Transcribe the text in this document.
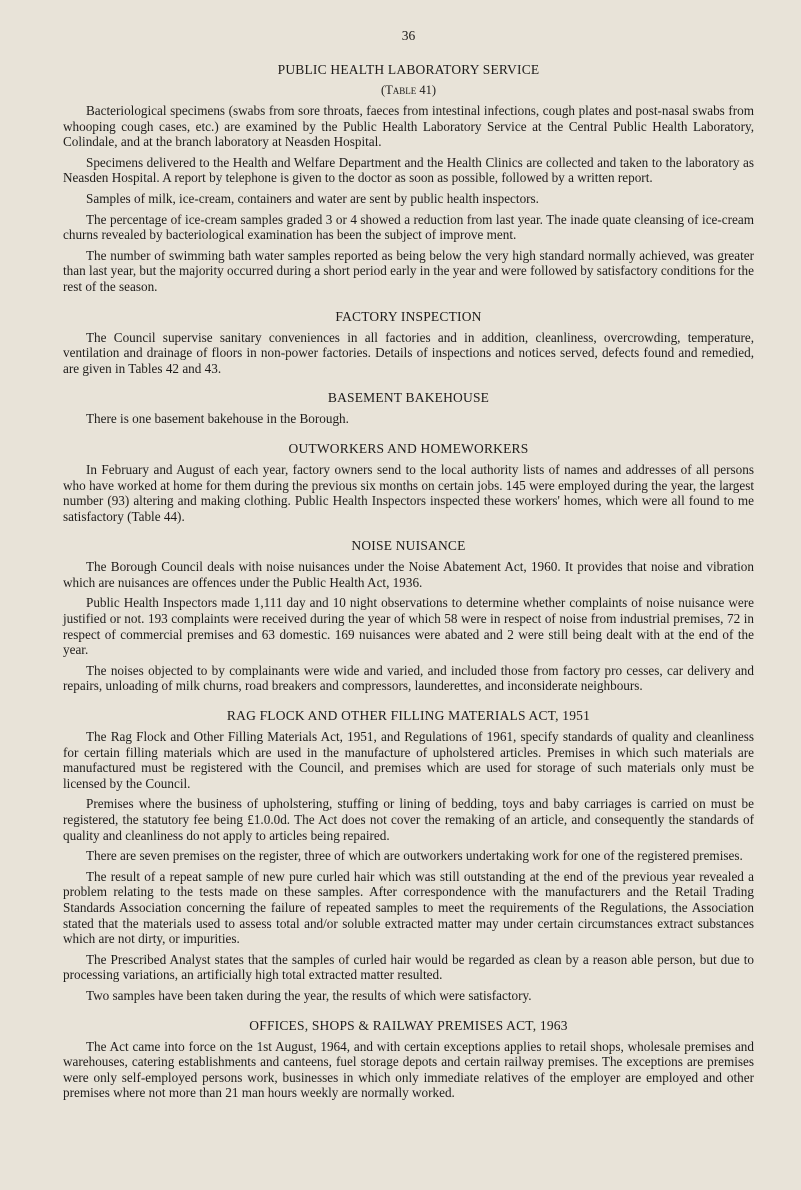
36
PUBLIC HEALTH LABORATORY SERVICE
(Table 41)

Bacteriological specimens (swabs from sore throats, faeces from intestinal infections, cough plates and post-nasal swabs from whooping cough cases, etc.) are examined by the Public Health Laboratory Service at the Central Public Health Laboratory, Colindale, and at the branch laboratory at Neasden Hospital.

Specimens delivered to the Health and Welfare Department and the Health Clinics are collected and taken to the laboratory as Neasden Hospital. A report by telephone is given to the doctor as soon as possible, followed by a written report.

Samples of milk, ice-cream, containers and water are sent by public health inspectors.

The percentage of ice-cream samples graded 3 or 4 showed a reduction from last year. The inade quate cleansing of ice-cream churns revealed by bacteriological examination has been the subject of improve ment.

The number of swimming bath water samples reported as being below the very high standard normally achieved, was greater than last year, but the majority occurred during a short period early in the year and were followed by satisfactory conditions for the rest of the season.

FACTORY INSPECTION

The Council supervise sanitary conveniences in all factories and in addition, cleanliness, overcrowding, temperature, ventilation and drainage of floors in non-power factories. Details of inspections and notices served, defects found and remedied, are given in Tables 42 and 43.

BASEMENT BAKEHOUSE

There is one basement bakehouse in the Borough.

OUTWORKERS AND HOMEWORKERS

In February and August of each year, factory owners send to the local authority lists of names and addresses of all persons who have worked at home for them during the previous six months on certain jobs. 145 were employed during the year, the largest number (93) altering and making clothing. Public Health Inspectors inspected these workers' homes, which were all found to me satisfactory (Table 44).

NOISE NUISANCE

The Borough Council deals with noise nuisances under the Noise Abatement Act, 1960. It provides that noise and vibration which are nuisances are offences under the Public Health Act, 1936.

Public Health Inspectors made 1,111 day and 10 night observations to determine whether complaints of noise nuisance were justified or not. 193 complaints were received during the year of which 58 were in respect of noise from industrial premises, 72 in respect of commercial premises and 63 domestic. 169 nuisances were abated and 2 were still being dealt with at the end of the year.

The noises objected to by complainants were wide and varied, and included those from factory pro cesses, car delivery and repairs, unloading of milk churns, road breakers and compressors, launderettes, and inconsiderate neighbours.

RAG FLOCK AND OTHER FILLING MATERIALS ACT, 1951

The Rag Flock and Other Filling Materials Act, 1951, and Regulations of 1961, specify standards of quality and cleanliness for certain filling materials which are used in the manufacture of upholstered articles. Premises in which such materials are manufactured must be registered with the Council, and premises which are used for storage of such materials only must be licensed by the Council.

Premises where the business of upholstering, stuffing or lining of bedding, toys and baby carriages is carried on must be registered, the statutory fee being £1.0.0d. The Act does not cover the remaking of an article, and consequently the standards of quality and cleanliness do not apply to articles being repaired.

There are seven premises on the register, three of which are outworkers undertaking work for one of the registered premises.

The result of a repeat sample of new pure curled hair which was still outstanding at the end of the previous year revealed a problem relating to the tests made on these samples. After correspondence with the manufacturers and the Retail Trading Standards Association concerning the failure of repeated samples to meet the requirements of the Regulations, the Association stated that the materials used to assess total and/or soluble extracted matter may under certain circumstances extract substances which are not dirty, or impurities.

The Prescribed Analyst states that the samples of curled hair would be regarded as clean by a reason able person, but due to processing variations, an artificially high total extracted matter resulted.

Two samples have been taken during the year, the results of which were satisfactory.

OFFICES, SHOPS & RAILWAY PREMISES ACT, 1963

The Act came into force on the 1st August, 1964, and with certain exceptions applies to retail shops, wholesale premises and warehouses, catering establishments and canteens, fuel storage depots and certain railway premises. The exceptions are premises were only self-employed persons work, businesses in which only immediate relatives of the employer are employed and other premises where not more than 21 man hours weekly are normally worked.
